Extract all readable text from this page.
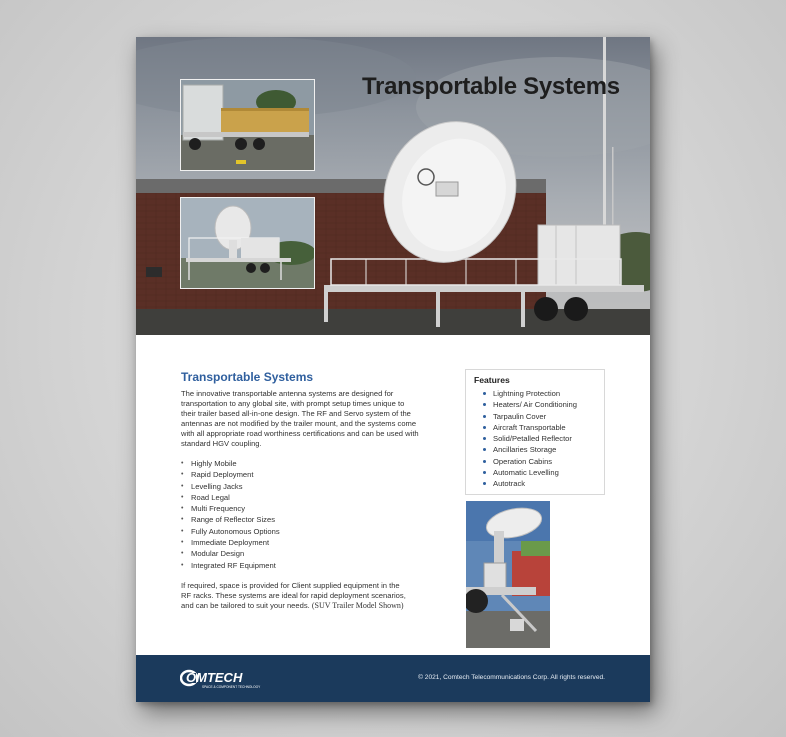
Transportable Systems
Transportable Systems
The innovative transportable antenna systems are designed for transportation to any global site, with prompt setup times unique to their trailer based all-in-one design. The RF and Servo system of the antennas are not modified by the trailer mount, and the systems come with all appropriate road worthiness certifications and can be used with standard HGV coupling.
• Highly Mobile
• Rapid Deployment
• Levelling Jacks
• Road Legal
• Multi Frequency
• Range of Reflector Sizes
• Fully Autonomous Options
• Immediate Deployment
• Modular Design
• Integrated RF Equipment
If required, space is provided for Client supplied equipment in the RF racks. These systems are ideal for rapid deployment scenarios, and can be tailored to suit your needs. (SUV Trailer Model Shown)
Features
Lightning Protection
Heaters/ Air Conditioning
Tarpaulin Cover
Aircraft Transportable
Solid/Petalled Reflector
Ancillaries Storage
Operation Cabins
Automatic Levelling
Autotrack
OMTECH
SPACE & COMPONENT TECHNOLOGY
© 2021, Comtech Telecommunications Corp. All rights reserved.
